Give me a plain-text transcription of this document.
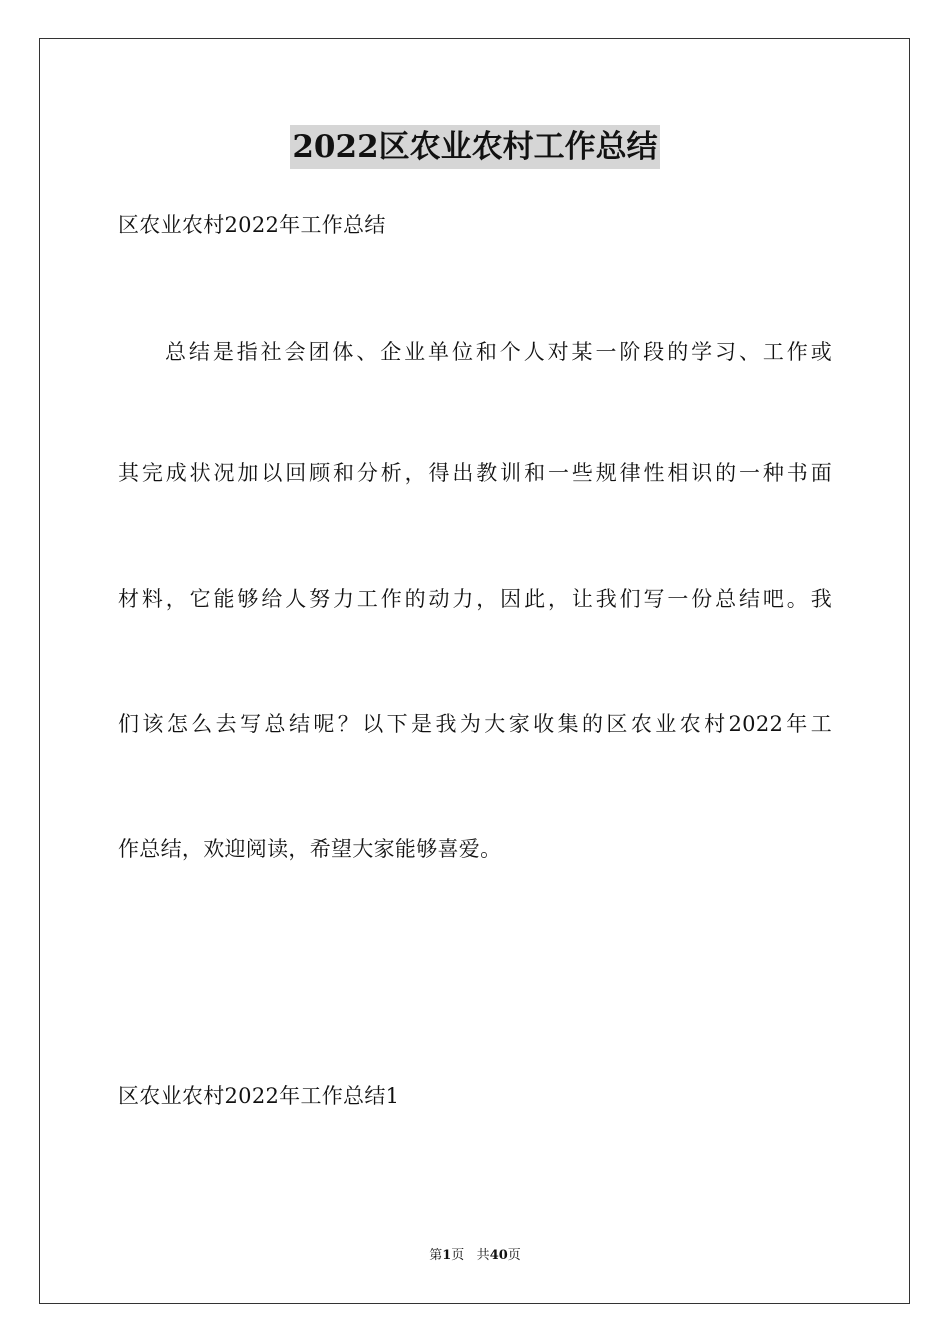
2022区农业农村工作总结
区农业农村2022年工作总结
总结是指社会团体、企业单位和个人对某一阶段的学习、工作或
其完成状况加以回顾和分析，得出教训和一些规律性相识的一种书面
材料，它能够给人努力工作的动力，因此，让我们写一份总结吧。我
们该怎么去写总结呢？以下是我为大家收集的区农业农村2022年工
作总结，欢迎阅读，希望大家能够喜爱。
区农业农村2022年工作总结1
第1页 共40页
